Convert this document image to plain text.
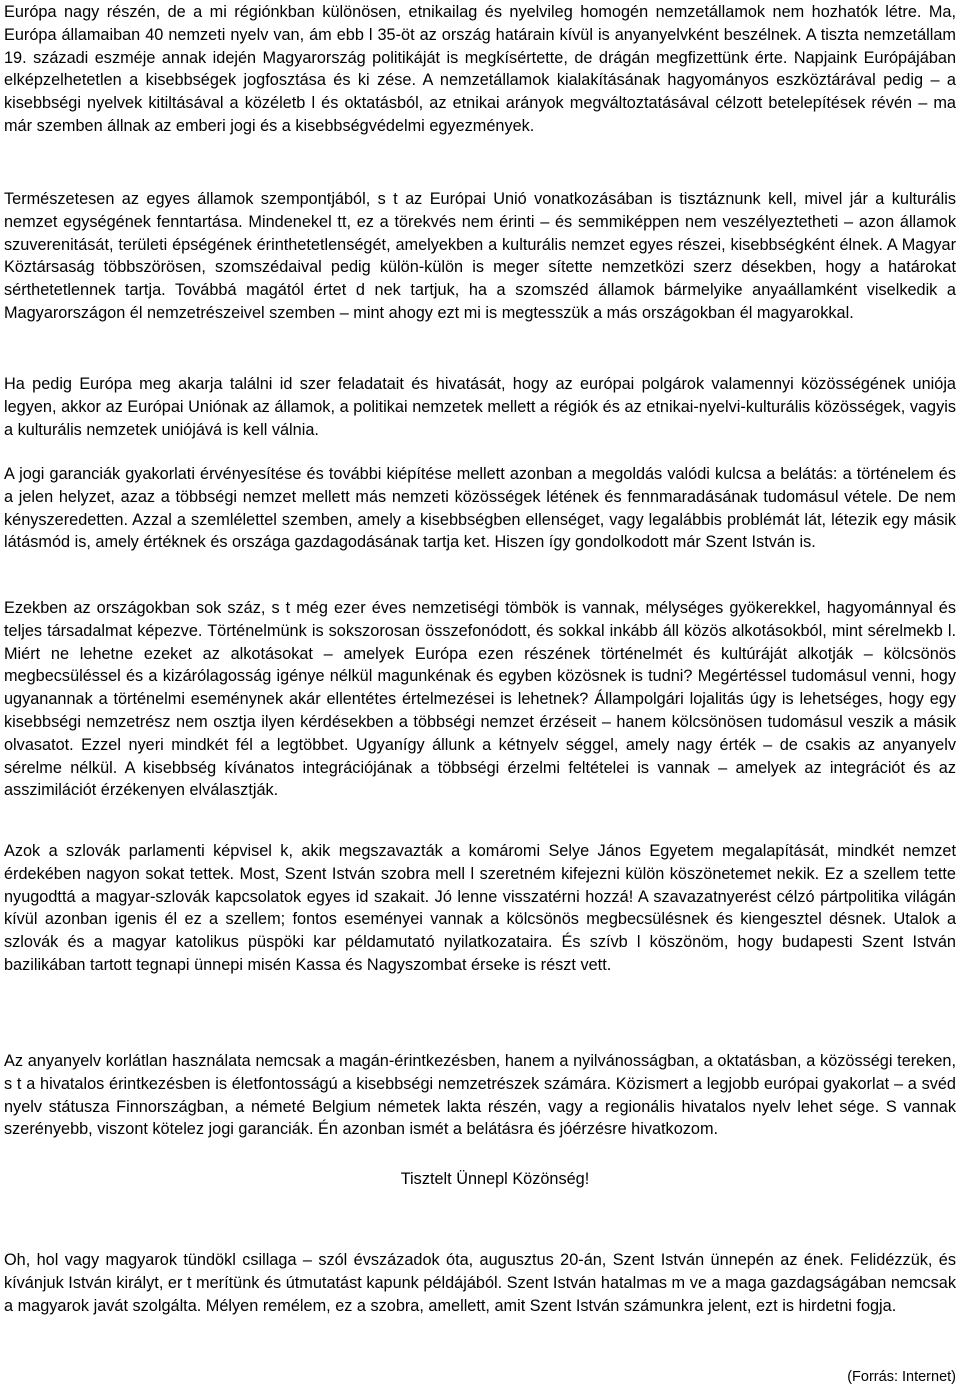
Európa nagy részén, de a mi régiónkban különösen, etnikailag és nyelvileg homogén nemzetállamok nem hozhatók létre. Ma, Európa államaiban 40 nemzeti nyelv van, ám ebb l 35-öt az ország határain kívül is anyanyelvként beszélnek. A tiszta nemzetállam 19. századi eszméje annak idején Magyarország politikáját is megkísértette, de drágán megfizettünk érte. Napjaink Európájában elképzelhetetlen a kisebbségek jogfosztása és ki zése. A nemzetállamok kialakításának hagyományos eszköztárával pedig – a kisebbségi nyelvek kitiltásával a közéletb l és oktatásból, az etnikai arányok megváltoztatásával célzott betelepítések révén – ma már szemben állnak az emberi jogi és a kisebbségvédelmi egyezmények.

Természetesen az egyes államok szempontjából, s t az Európai Unió vonatkozásában is tisztáznunk kell, mivel jár a kulturális nemzet egységének fenntartása. Mindenekel tt, ez a törekvés nem érinti – és semmiképpen nem veszélyeztetheti – azon államok szuverenitását, területi épségének érinthetetlenségét, amelyekben a kulturális nemzet egyes részei, kisebbségként élnek. A Magyar Köztársaság többszörösen, szomszédaival pedig külön-külön is meger sítette nemzetközi szerz désekben, hogy a határokat sérthetetlennek tartja. Továbbá magától értet d nek tartjuk, ha a szomszéd államok bármelyike anyaállamként viselkedik a Magyarországon él nemzetrészeivel szemben – mint ahogy ezt mi is megtesszük a más országokban él magyarokkal.

Ha pedig Európa meg akarja találni id szer feladatait és hivatását, hogy az európai polgárok valamennyi közösségének uniója legyen, akkor az Európai Uniónak az államok, a politikai nemzetek mellett a régiók és az etnikai-nyelvi-kulturális közösségek, vagyis a kulturális nemzetek uniójává is kell válnia.

A jogi garanciák gyakorlati érvényesítése és további kiépítése mellett azonban a megoldás valódi kulcsa a belátás: a történelem és a jelen helyzet, azaz a többségi nemzet mellett más nemzeti közösségek létének és fennmaradásának tudomásul vétele. De nem kényszeredetten. Azzal a szemlélettel szemben, amely a kisebbségben ellenséget, vagy legalábbis problémát lát, létezik egy másik látásmód is, amely értéknek és országa gazdagodásának tartja ket. Hiszen így gondolkodott már Szent István is.

Ezekben az országokban sok száz, s t még ezer éves nemzetiségi tömbök is vannak, mélységes gyökerekkel, hagyománnyal és teljes társadalmat képezve. Történelmünk is sokszorosan összefonódott, és sokkal inkább áll közös alkotásokból, mint sérelmekb l. Miért ne lehetne ezeket az alkotásokat – amelyek Európa ezen részének történelmét és kultúráját alkotják – kölcsönös megbecsüléssel és a kizárólagosság igénye nélkül magunkénak és egyben közösnek is tudni? Megértéssel tudomásul venni, hogy ugyanannak a történelmi eseménynek akár ellentétes értelmezései is lehetnek? Állampolgári lojalitás úgy is lehetséges, hogy egy kisebbségi nemzetrész nem osztja ilyen kérdésekben a többségi nemzet érzéseit – hanem kölcsönösen tudomásul veszik a másik olvasatot. Ezzel nyeri mindkét fél a legtöbbet. Ugyanígy állunk a kétnyelv séggel, amely nagy érték – de csakis az anyanyelv sérelme nélkül. A kisebbség kívánatos integrációjának a többségi érzelmi feltételei is vannak – amelyek az integrációt és az asszimilációt érzékenyen elválasztják.

Azok a szlovák parlamenti képvisel k, akik megszavazták a komáromi Selye János Egyetem megalapítását, mindkét nemzet érdekében nagyon sokat tettek. Most, Szent István szobra mell l szeretném kifejezni külön köszönetemet nekik. Ez a szellem tette nyugodttá a magyar-szlovák kapcsolatok egyes id szakait. Jó lenne visszatérni hozzá! A szavazatnyerést célzó pártpolitika világán kívül azonban igenis él ez a szellem; fontos eseményei vannak a kölcsönös megbecsülésnek és kiengesztel désnek. Utalok a szlovák és a magyar katolikus püspöki kar példamutató nyilatkozataira. És szívb l köszönöm, hogy budapesti Szent István bazilikában tartott tegnapi ünnepi misén Kassa és Nagyszombat érseke is részt vett.

Az anyanyelv korlátlan használata nemcsak a magán-érintkezésben, hanem a nyilvánosságban, a oktatásban, a közösségi tereken, s t a hivatalos érintkezésben is életfontosságú a kisebbségi nemzetrészek számára. Közismert a legjobb európai gyakorlat – a svéd nyelv státusza Finnországban, a németé Belgium németek lakta részén, vagy a regionális hivatalos nyelv lehet sége. S vannak szerényebb, viszont kötelez jogi garanciák. Én azonban ismét a belátásra és jóérzésre hivatkozom.

Tisztelt Ünnepl Közönség!

Oh, hol vagy magyarok tündökl csillaga – szól évszázadok óta, augusztus 20-án, Szent István ünnepén az ének. Felidézzük, és kívánjuk István királyt, er t merítünk és útmutatást kapunk példájából. Szent István hatalmas m ve a maga gazdagságában nemcsak a magyarok javát szolgálta. Mélyen remélem, ez a szobra, amellett, amit Szent István számunkra jelent, ezt is hirdetni fogja.

(Forrás: Internet)
